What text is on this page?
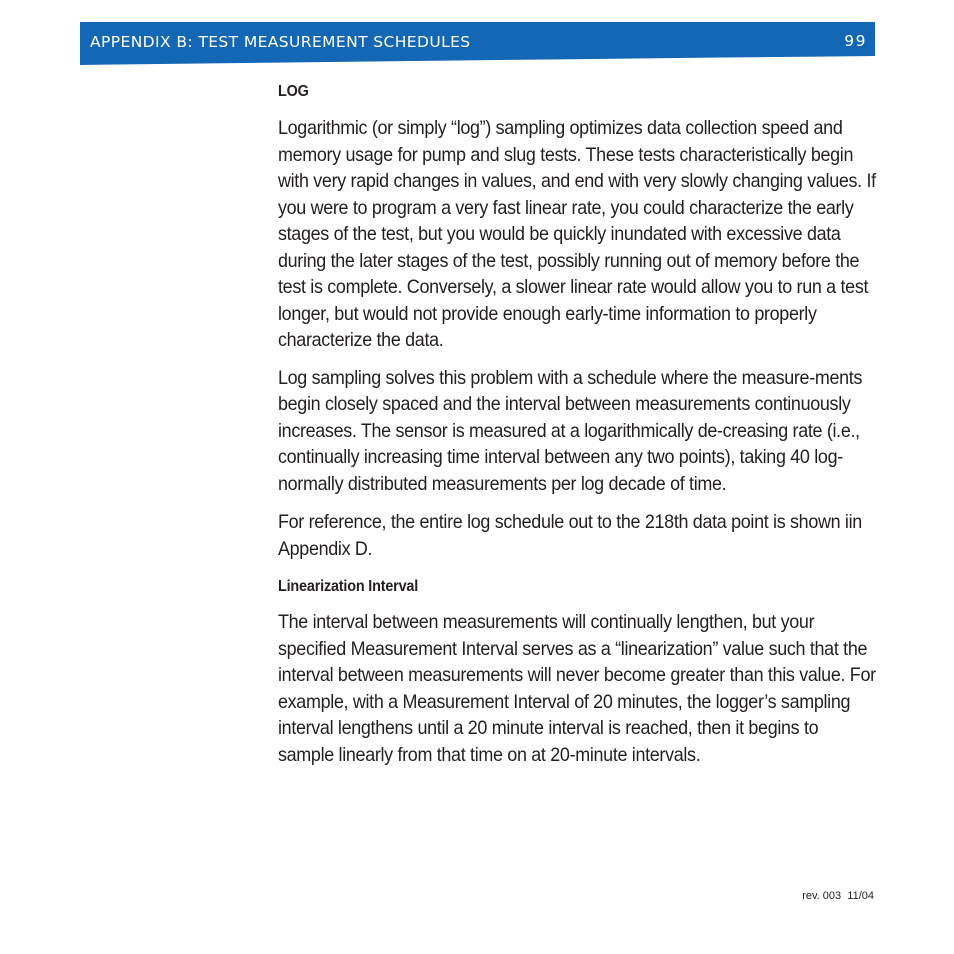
APPENDIX B: TEST MEASUREMENT SCHEDULES	99
LOG

Logarithmic (or simply “log”) sampling optimizes data collection speed and memory usage for pump and slug tests. These tests characteristically begin with very rapid changes in values, and end with very slowly changing values. If you were to program a very fast linear rate, you could characterize the early stages of the test, but you would be quickly inundated with excessive data during the later stages of the test, possibly running out of memory before the test is complete. Conversely, a slower linear rate would allow you to run a test longer, but would not provide enough early-time information to properly characterize the data.

Log sampling solves this problem with a schedule where the measure-ments begin closely spaced and the interval between measurements continuously increases. The sensor is measured at a logarithmically de-creasing rate (i.e., continually increasing time interval between any two points), taking 40 log-normally distributed measurements per log decade of time.

For reference, the entire log schedule out to the 218th data point is shown iin Appendix D.

Linearization Interval

The interval between measurements will continually lengthen, but your specified Measurement Interval serves as a “linearization” value such that the interval between measurements will never become greater than this value. For example, with a Measurement Interval of 20 minutes, the logger’s sampling interval lengthens until a 20 minute interval is reached, then it begins to sample linearly from that time on at 20-minute intervals.

rev. 003  11/04
